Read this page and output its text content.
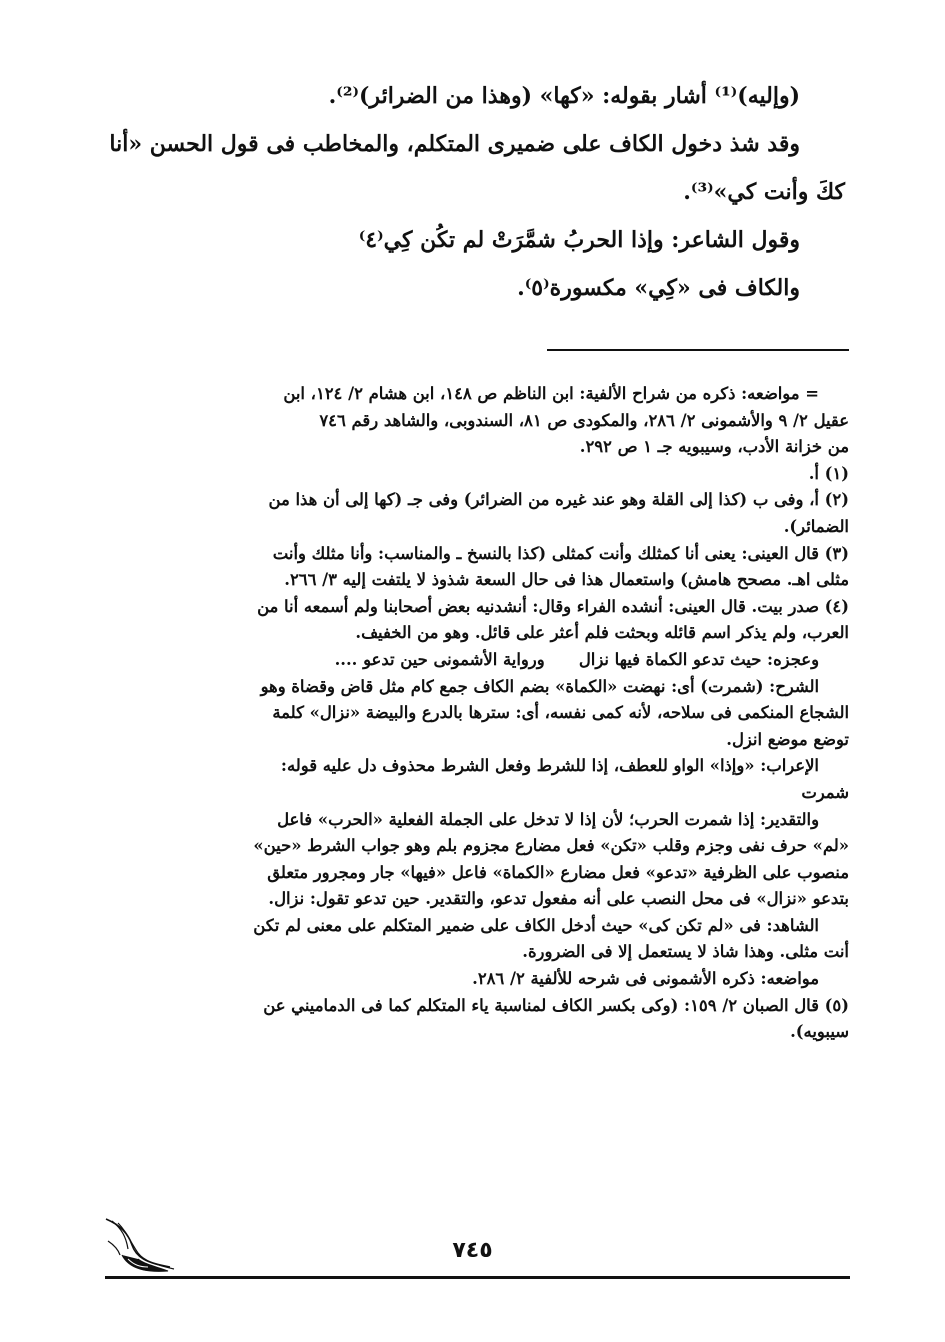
(وإليه)⁽¹⁾ أشار بقوله: «كها» (وهذا من الضرائر)⁽²⁾.

وقد شذ دخول الكاف على ضميرى المتكلم، والمخاطب فى قول الحسن «أنا

ككَ وأنت كي»⁽³⁾.

وقول الشاعر: وإذا الحربُ شمَّرَتْ لم تكُن كِي⁽٤⁾

والكاف فى «كِي» مكسورة⁽٥⁾.

= مواضعه: ذكره من شراح الألفية: ابن الناظم ص ١٤٨، ابن هشام ٢/ ١٢٤، ابن
عقيل ٢/ ٩ والأشمونى ٢/ ٢٨٦، والمكودى ص ٨١، السندوبى، والشاهد رقم ٧٤٦
من خزانة الأدب، وسيبويه جـ ١ ص ٢٩٢.
(١) أ.
(٢) أ، وفى ب (كذا إلى القلة وهو عند غيره من الضرائر) وفى جـ (كها إلى أن هذا من
الضمائر).
(٣) قال العينى: يعنى أنا كمثلك وأنت كمثلى (كذا بالنسخ ـ والمناسب: وأنا مثلك وأنت
مثلى اهـ. مصحح هامش) واستعمال هذا فى حال السعة شذوذ لا يلتفت إليه ٣/ ٢٦٦.
(٤) صدر بيت. قال العينى: أنشده الفراء وقال: أنشدنيه بعض أصحابنا ولم أسمعه أنا من
العرب، ولم يذكر اسم قائله وبحثت فلم أعثر على قائل. وهو من الخفيف.
وعجزه: حيث تدعو الكماة فيها نزال      ورواية الأشمونى حين تدعو ....
الشرح: (شمرت) أى: نهضت «الكماة» بضم الكاف جمع كام مثل قاض وقضاة وهو
الشجاع المنكمى فى سلاحه، لأنه كمى نفسه، أى: سترها بالدرع والبيضة «نزال» كلمة
توضع موضع انزل.
الإعراب: «وإذا» الواو للعطف، إذا للشرط وفعل الشرط محذوف دل عليه قوله:
شمرت
والتقدير: إذا شمرت الحرب؛ لأن إذا لا تدخل على الجملة الفعلية «الحرب» فاعل
«لم» حرف نفى وجزم وقلب «تكن» فعل مضارع مجزوم بلم وهو جواب الشرط «حين»
منصوب على الظرفية «تدعو» فعل مضارع «الكماة» فاعل «فيها» جار ومجرور متعلق
بتدعو «نزال» فى محل النصب على أنه مفعول تدعو، والتقدير. حين تدعو تقول: نزال.
الشاهد: فى «لم تكن كى» حيث أدخل الكاف على ضمير المتكلم على معنى لم تكن
أنت مثلى. وهذا شاذ لا يستعمل إلا فى الضرورة.
مواضعه: ذكره الأشمونى فى شرحه للألفية ٢/ ٢٨٦.
(٥) قال الصبان ٢/ ١٥٩: (وكى بكسر الكاف لمناسبة ياء المتكلم كما فى الدماميني عن
سيبويه).
٧٤٥
